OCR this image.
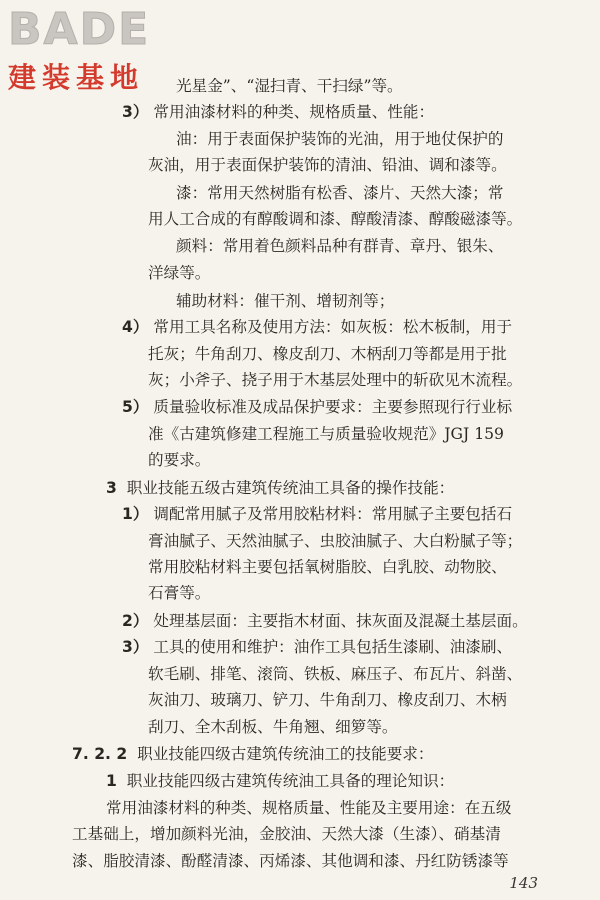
BADE
建装基地 光星金”、“湿扫青、干扫绿”等。
3） 常用油漆材料的种类、规格质量、性能：
油：用于表面保护装饰的光油，用于地仗保护的
灰油，用于表面保护装饰的清油、铅油、调和漆等。
漆：常用天然树脂有松香、漆片、天然大漆；常
用人工合成的有醇酸调和漆、醇酸清漆、醇酸磁漆等。
颜料：常用着色颜料品种有群青、章丹、银朱、
洋绿等。
辅助材料：催干剂、增韧剂等；
4） 常用工具名称及使用方法：如灰板：松木板制，用于
托灰；牛角刮刀、橡皮刮刀、木柄刮刀等都是用于批
灰；小斧子、挠子用于木基层处理中的斩砍见木流程。
5） 质量验收标准及成品保护要求：主要参照现行行业标
准《古建筑修建工程施工与质量验收规范》JGJ 159
的要求。
3 职业技能五级古建筑传统油工具备的操作技能：
1） 调配常用腻子及常用胶粘材料：常用腻子主要包括石
膏油腻子、天然油腻子、虫胶油腻子、大白粉腻子等；
常用胶粘材料主要包括氧树脂胶、白乳胶、动物胶、
石膏等。
2） 处理基层面：主要指木材面、抹灰面及混凝土基层面。
3） 工具的使用和维护：油作工具包括生漆刷、油漆刷、
软毛刷、排笔、滚筒、铁板、麻压子、布瓦片、斜凿、
灰油刀、玻璃刀、铲刀、牛角刮刀、橡皮刮刀、木柄
刮刀、全木刮板、牛角翘、细箩等。
7. 2. 2 职业技能四级古建筑传统油工的技能要求：
1 职业技能四级古建筑传统油工具备的理论知识：
常用油漆材料的种类、规格质量、性能及主要用途：在五级
工基础上，增加颜料光油，金胶油、天然大漆（生漆）、硝基清
漆、脂胶清漆、酚醛清漆、丙烯漆、其他调和漆、丹红防锈漆等
143
